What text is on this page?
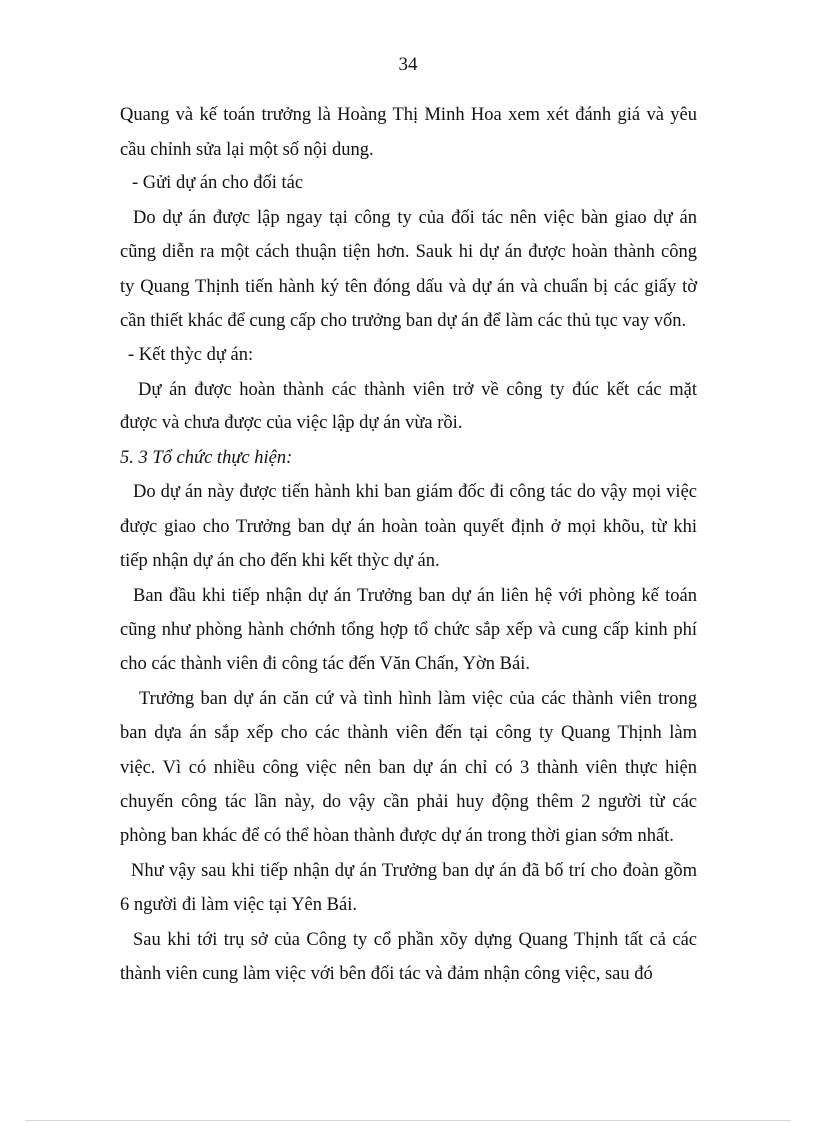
34
Quang và kế toán trưởng là Hoàng Thị Minh Hoa xem xét đánh giá và yêu
cầu chỉnh sửa lại một số nội dung.
- Gửi dự án cho đối tác
Do dự án được lập ngay tại công ty của đối tác nên việc bàn giao dự án
cũng diễn ra một cách thuận tiện hơn. Sauk hi dự án được hoàn thành công
ty Quang Thịnh tiến hành ký tên đóng dấu và dự án và chuẩn bị các giấy tờ
cần thiết khác để cung cấp cho trưởng ban dự án để làm các thủ tục vay vốn.
- Kết thỳc dự án:
Dự án được hoàn thành các thành viên trở về công ty đúc kết các mặt
được và chưa được của việc lập dự án vừa rồi.
5. 3 Tổ chức thực hiện:
Do dự án này được tiến hành khi ban giám đốc đi công tác do vậy mọi việc
được giao cho Trưởng ban dự án hoàn toàn quyết định ở mọi khõu, từ khi
tiếp nhận dự án cho đến khi kết thỳc dự án.
Ban đầu khi tiếp nhận dự án Trưởng ban dự án liên hệ với phòng kế toán
cũng như phòng hành chớnh tổng hợp tổ chức sắp xếp và cung cấp kinh phí
cho các thành viên đi công tác đến Văn Chấn, Yờn Bái.
Trưởng ban dự án căn cứ và tình hình làm việc của các thành viên trong
ban dựa án sắp xếp cho các thành viên đến tại công ty Quang Thịnh làm
việc. Vì có nhiều công việc nên ban dự án chỉ có 3 thành viên thực hiện
chuyến công tác lần này, do vậy cần phải huy động thêm 2 người từ các
phòng ban khác để có thể hòan thành được dự án trong thời gian sớm nhất.
Như vậy sau khi tiếp nhận dự án Trưởng ban dự án đã bố trí cho đoàn gồm
6 người đi làm việc tại Yên Bái.
Sau khi tới trụ sở của Công ty cổ phần xõy dựng Quang Thịnh tất cả các
thành viên cung làm việc với bên đối tác và đảm nhận công việc, sau đó
